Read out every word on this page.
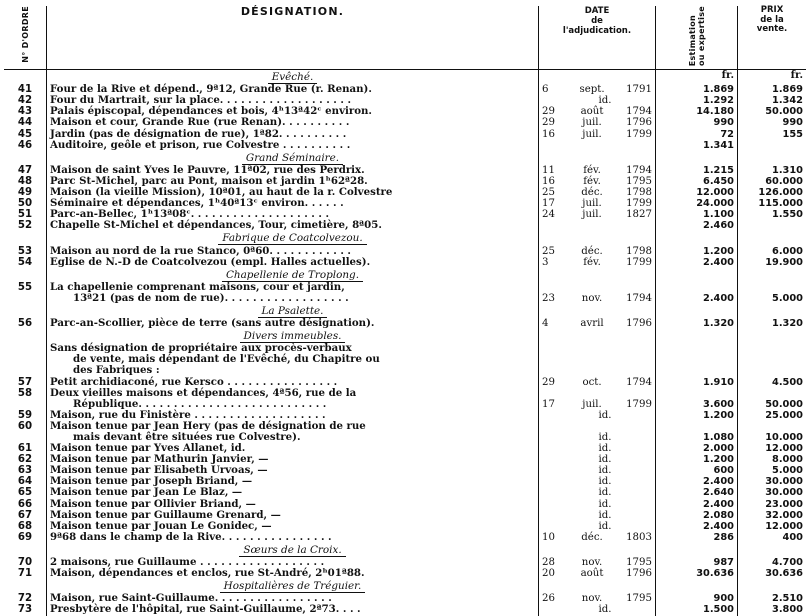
N° D'ORDRE	DÉSIGNATION.	DATE
de
l'adjudication.	Estimationou expertise	PRIX
de la
vente.

	Evêché.		fr.	fr.
41	Four de la Rive et dépend., 9ª12, Grande Rue (r. Renan).	6 sept. 1791	1.869	1.869
42	Four du Martrait, sur la place. . . . . . . . . . . . . . . . . . .	id.	1.292	1.342
43	Palais épiscopal, dépendances et bois, 4ʰ13ª42ᶜ environ.	29 août 1794	14.180	50.000
44	Maison et cour, Grande Rue (rue Renan). . . . . . . . . .	29 juil. 1796	990	990
45	Jardin (pas de désignation de rue), 1ª82. . . . . . . . . .	16 juil. 1799	72	155
46	Auditoire, geôle et prison, rue Colvestre . . . . . . . . . .		1.341	
	Grand Séminaire.			
47	Maison de saint Yves le Pauvre, 11ª02, rue des Perdrix.	11 fév. 1794	1.215	1.310
48	Parc St-Michel, parc au Pont, maison et jardin 1ʰ62ª28.	16 fév. 1795	6.450	60.000
49	Maison (la vieille Mission), 10ª01, au haut de la r. Colvestre	25 déc. 1798	12.000	126.000
50	Séminaire et dépendances, 1ʰ40ª13ᶜ environ. . . . . .	17 juil. 1799	24.000	115.000
51	Parc-an-Bellec, 1ʰ13ª08ᶜ. . . . . . . . . . . . . . . . . . . .	24 juil. 1827	1.100	1.550
52	Chapelle St-Michel et dépendances, Tour, cimetière, 8ª05.		2.460	
	Fabrique de Coatcolvezou.			
53	Maison au nord de la rue Stanco, 0ª60. . . . . . . . . . . .	25 déc. 1798	1.200	6.000
54	Eglise de N.-D de Coatcolvezou (empl. Halles actuelles).	3 fév. 1799	2.400	19.900
	Chapellenie de Troplong.			
55	La chapellenie comprenant maisons, cour et jardin,	

	13ª21 (pas de nom de rue). . . . . . . . . . . . . . . . . .	23 nov. 1794	2.400	5.000
	La Psalette.			
56	Parc-an-Scollier, pièce de terre (sans autre désignation).	4 avril 1796	1.320	1.320
	Divers immeubles.			
	Sans désignation de propriétaire aux procès-verbaux	

	de vente, mais dépendant de l'Evêché, du Chapitre ou	

	des Fabriques :	

57	Petit archidiaconé, rue Kersco . . . . . . . . . . . . . . . .	29 oct. 1794	1.910	4.500
58	Deux vieilles maisons et dépendances, 4ª56, rue de la	

	République. . . . . . . . . . . . . . . . . . . . . . . . . . .	17 juil. 1799	3.600	50.000
59	Maison, rue du Finistère . . . . . . . . . . . . . . . . . . .	id.	1.200	25.000
60	Maison tenue par Jean Hery (pas de désignation de rue	

	mais devant être situées rue Colvestre).	id.	1.080	10.000
61	Maison tenue par Yves Allanet, id.	id.	2.000	12.000
62	Maison tenue par Mathurin Janvier, —	id.	1.200	8.000
63	Maison tenue par Elisabeth Urvoas, —	id.	600	5.000
64	Maison tenue par Joseph Briand, —	id.	2.400	30.000
65	Maison tenue par Jean Le Blaz, —	id.	2.640	30.000
66	Maison tenue par Ollivier Briand, —	id.	2.400	23.000
67	Maison tenue par Guillaume Grenard, —	id.	2.080	32.000
68	Maison tenue par Jouan Le Gonidec, —	id.	2.400	12.000
69	9ª68 dans le champ de la Rive. . . . . . . . . . . . . . . .	10 déc. 1803	286	400
	Sœurs de la Croix.			
70	2 maisons, rue Guillaume . . . . . . . . . . . . . . . . . .	28 nov. 1795	987	4.700
71	Maison, dépendances et enclos, rue St-André, 2ʰ01ª88.	20 août 1796	30.636	30.636
	Hospitalières de Tréguier.			
72	Maison, rue Saint-Guillaume. . . . . . . . . . . . . . . . .	26 nov. 1795	900	2.510
73	Presbytère de l'hôpital, rue Saint-Guillaume, 2ª73. . . .	id.	1.500	3.800
